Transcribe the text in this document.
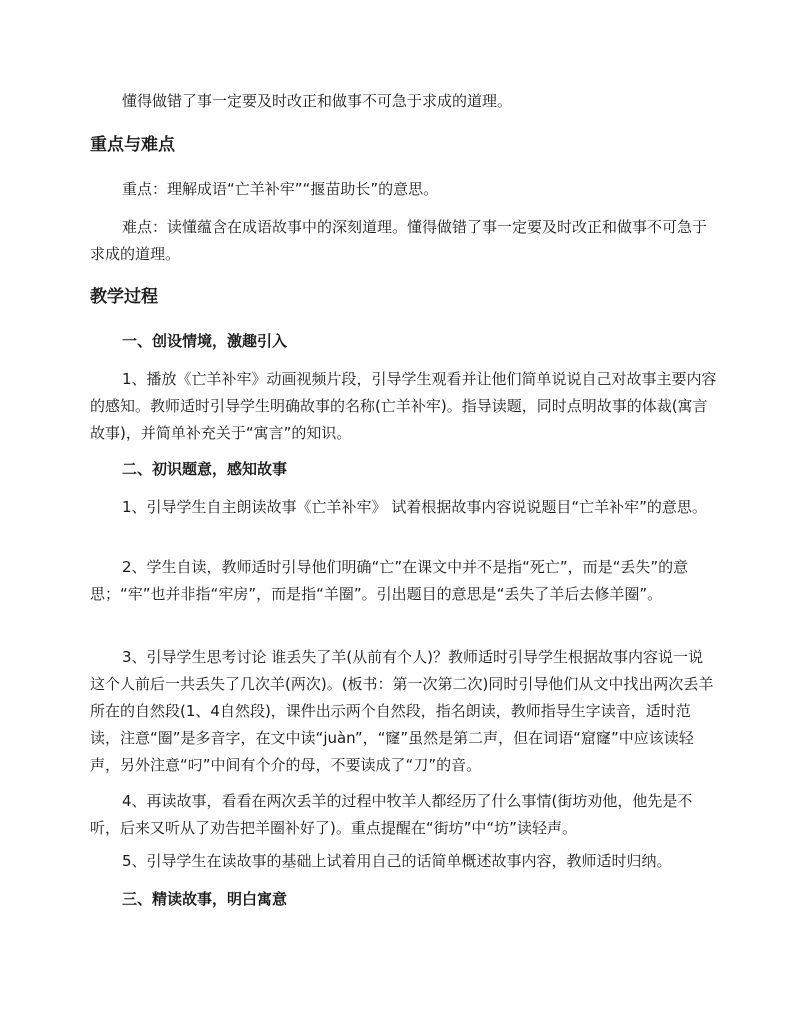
懂得做错了事一定要及时改正和做事不可急于求成的道理。

重点与难点

重点：理解成语“亡羊补牢”“揠苗助长”的意思。

难点：读懂蕴含在成语故事中的深刻道理。懂得做错了事一定要及时改正和做事不可急于求成的道理。

教学过程
一、创设情境，激趣引入

1、播放《亡羊补牢》动画视频片段，引导学生观看并让他们简单说说自己对故事主要内容的感知。教师适时引导学生明确故事的名称(亡羊补牢)。指导读题，同时点明故事的体裁(寓言故事)，并简单补充关于“寓言”的知识。

二、初识题意，感知故事

1、引导学生自主朗读故事《亡羊补牢》 试着根据故事内容说说题目“亡羊补牢”的意思。

2、学生自读，教师适时引导他们明确“亡”在课文中并不是指“死亡”，而是“丢失”的意思；“牢”也并非指“牢房”，而是指“羊圈”。引出题目的意思是“丢失了羊后去修羊圈”。

3、引导学生思考讨论 谁丢失了羊(从前有个人)？教师适时引导学生根据故事内容说一说这个人前后一共丢失了几次羊(两次)。(板书：第一次第二次)同时引导他们从文中找出两次丢羊所在的自然段(1、4自然段)，课件出示两个自然段，指名朗读，教师指导生字读音，适时范读，注意“圈”是多音字，在文中读“juàn”，“窿”虽然是第二声，但在词语“窟窿”中应该读轻声，另外注意“叼”中间有个介的母，不要读成了“刀”的音。

4、再读故事，看看在两次丢羊的过程中牧羊人都经历了什么事情(街坊劝他，他先是不听，后来又听从了劝告把羊圈补好了)。重点提醒在“街坊”中“坊”读轻声。

5、引导学生在读故事的基础上试着用自己的话简单概述故事内容，教师适时归纳。

三、精读故事，明白寓意
